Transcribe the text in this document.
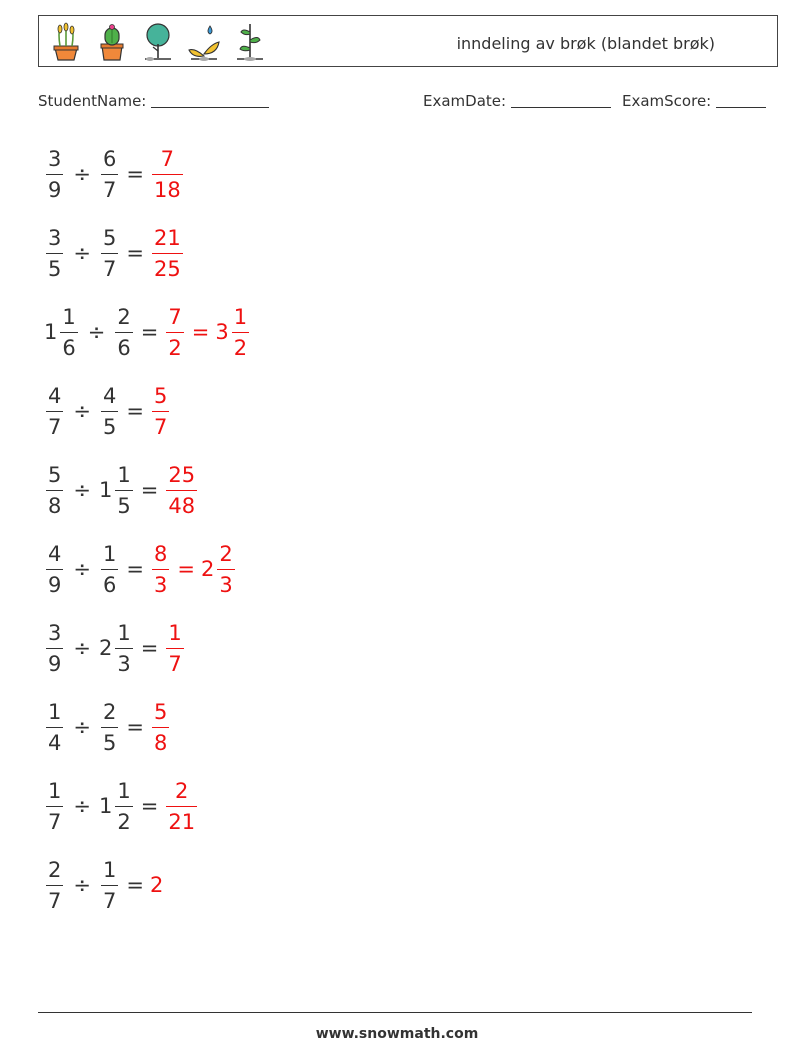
inndeling av brøk (blandet brøk)
StudentName:	ExamDate:	ExamScore:
$\frac{3}{9} \div \frac{6}{7} = \frac{7}{18}$
$\frac{3}{5} \div \frac{5}{7} = \frac{21}{25}$
$1 \frac{1}{6} \div \frac{2}{6} = \frac{7}{2} = 3 \frac{1}{2}$
$\frac{4}{7} \div \frac{4}{5} = \frac{5}{7}$
$\frac{5}{8} \div 1 \frac{1}{5} = \frac{25}{48}$
$\frac{4}{9} \div \frac{1}{6} = \frac{8}{3} = 2 \frac{2}{3}$
$\frac{3}{9} \div 2 \frac{1}{3} = \frac{1}{7}$
$\frac{1}{4} \div \frac{2}{5} = \frac{5}{8}$
$\frac{1}{7} \div 1 \frac{1}{2} = \frac{2}{21}$
$\frac{2}{7} \div \frac{1}{7} = 2$
www.snowmath.com
